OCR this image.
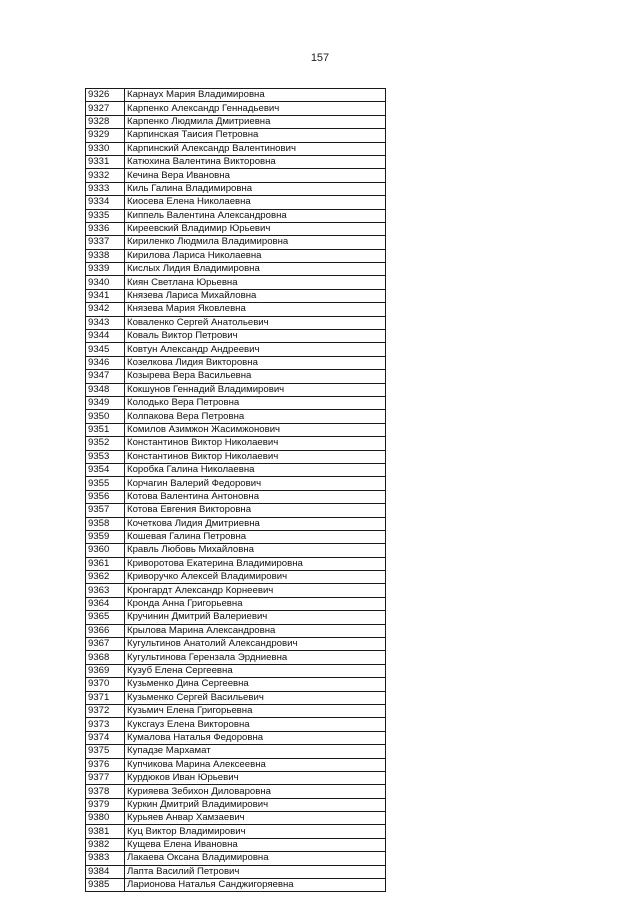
157
9326	Карнаух Мария Владимировна
9327	Карпенко Александр Геннадьевич
9328	Карпенко Людмила Дмитриевна
9329	Карпинская Таисия Петровна
9330	Карпинский Александр Валентинович
9331	Катюхина Валентина Викторовна
9332	Кечина Вера Ивановна
9333	Киль Галина Владимировна
9334	Киосева Елена Николаевна
9335	Киппель Валентина Александровна
9336	Киреевский Владимир Юрьевич
9337	Кириленко Людмила Владимировна
9338	Кирилова Лариса Николаевна
9339	Кислых Лидия Владимировна
9340	Киян Светлана Юрьевна
9341	Князева Лариса Михайловна
9342	Князева Мария Яковлевна
9343	Коваленко Сергей Анатольевич
9344	Коваль Виктор Петрович
9345	Ковтун Александр Андреевич
9346	Козелкова Лидия Викторовна
9347	Козырева Вера Васильевна
9348	Кокшунов Геннадий Владимирович
9349	Колодько Вера Петровна
9350	Колпакова Вера Петровна
9351	Комилов Азимжон Жасимжонович
9352	Константинов Виктор Николаевич
9353	Константинов Виктор Николаевич
9354	Коробка Галина Николаевна
9355	Корчагин Валерий Федорович
9356	Котова Валентина Антоновна
9357	Котова Евгения Викторовна
9358	Кочеткова Лидия Дмитриевна
9359	Кошевая Галина Петровна
9360	Кравль Любовь Михайловна
9361	Криворотова Екатерина Владимировна
9362	Криворучко Алексей Владимирович
9363	Кронгардт Александр Корнеевич
9364	Кронда Анна Григорьевна
9365	Кручинин Дмитрий Валериевич
9366	Крылова Марина Александровна
9367	Кугультинов Анатолий Александрович
9368	Кугультинова Герензала Эрдниевна
9369	Кузуб Елена Сергеевна
9370	Кузьменко Дина Сергеевна
9371	Кузьменко Сергей Васильевич
9372	Кузьмич Елена Григорьевна
9373	Куксгауз Елена Викторовна
9374	Кумалова Наталья Федоровна
9375	Купадзе Мархамат
9376	Купчикова Марина Алексеевна
9377	Курдюков Иван Юрьевич
9378	Курияева Зебихон Диловаровна
9379	Куркин Дмитрий Владимирович
9380	Курьяев Анвар Хамзаевич
9381	Куц Виктор Владимирович
9382	Кущева Елена Ивановна
9383	Лакаева Оксана Владимировна
9384	Лапта Василий Петрович
9385	Ларионова Наталья Санджигоряевна
